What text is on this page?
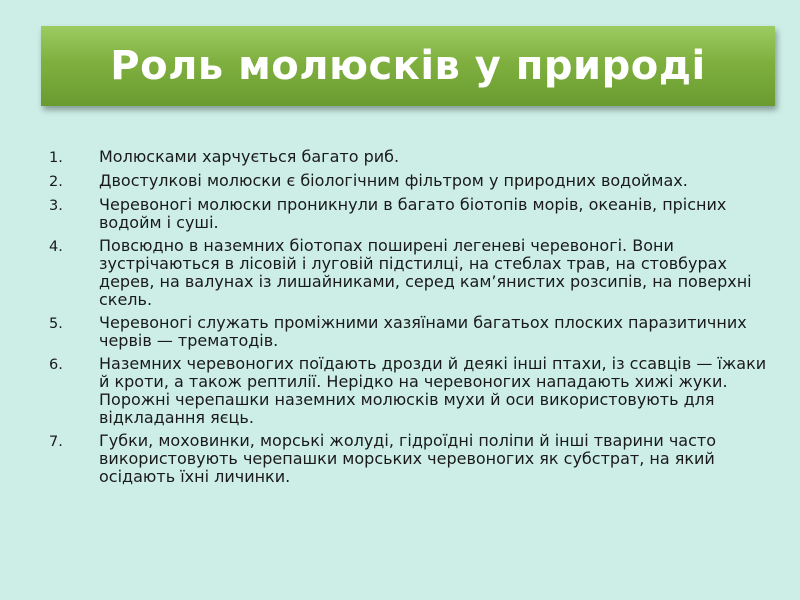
Роль молюсків у природі
1.	Молюсками харчується багато риб.
2.	Двостулкові молюски є біологічним фільтром у природних водоймах.
3.	Черевоногі молюски проникнули в багато біотопів морів, океанів, прісних водойм і суші.
4.	Повсюдно в наземних біотопах поширені легеневі черевоногі. Вони зустрічаються в лісовій і луговій підстилці, на стеблах трав, на стовбурах дерев, на валунах із лишайниками, серед кам’янистих розсипів, на поверхні скель.
5.	Черевоногі служать проміжними хазяїнами багатьох плоских паразитичних червів — трематодів.
6.	Наземних черевоногих поїдають дрозди й деякі інші птахи, із ссавців — їжаки й кроти, а також рептилії. Нерідко на черевоногих нападають хижі жуки. Порожні черепашки наземних молюсків мухи й оси використовують для відкладання яєць.
7.	Губки, моховинки, морські жолуді, гідроїдні поліпи й інші тварини часто використовують черепашки морських черевоногих як субстрат, на який осідають їхні личинки.
